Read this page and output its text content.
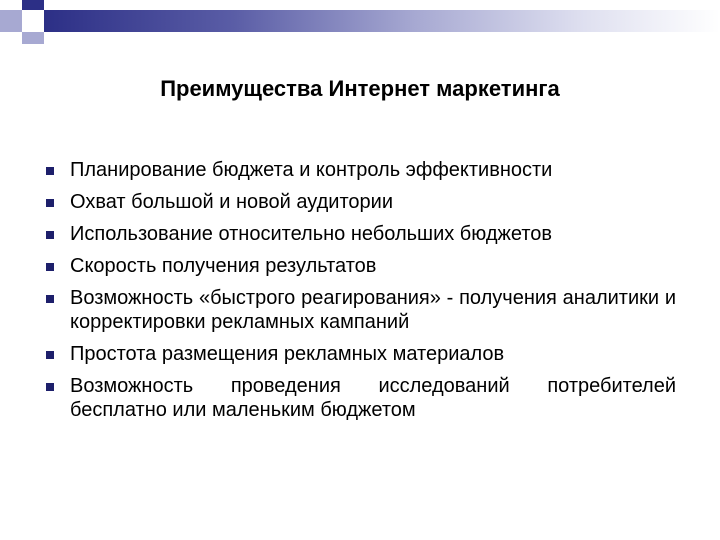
Преимущества Интернет маркетинга
Планирование бюджета и контроль эффективности
Охват большой и новой аудитории
Использование относительно небольших бюджетов
Скорость получения результатов
Возможность «быстрого реагирования» - получения аналитики и корректировки рекламных кампаний
Простота размещения рекламных материалов
Возможность проведения исследований потребителей бесплатно или маленьким бюджетом
